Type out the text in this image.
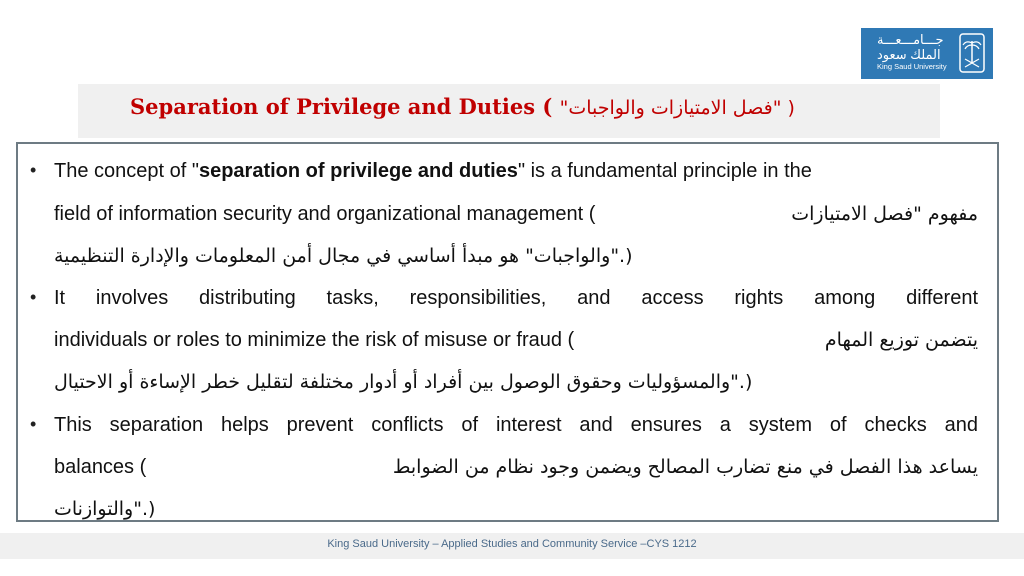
جـــامـــعـــة
الملك سعود
King Saud University
Separation of Privilege and Duties ( "فصل الامتيازات والواجبات" )
• The concept of "separation of privilege and duties" is a fundamental principle in the
field of information security and organizational management (	مفهوم "فصل الامتيازات
والواجبات" هو مبدأ أساسي في مجال أمن المعلومات والإدارة التنظيمية".)
• It involves distributing tasks, responsibilities, and access rights among different
individuals or roles to minimize the risk of misuse or fraud (	يتضمن توزيع المهام
والمسؤوليات وحقوق الوصول بين أفراد أو أدوار مختلفة لتقليل خطر الإساءة أو الاحتيال".)
• This separation helps prevent conflicts of interest and ensures a system of checks and
balances (	يساعد هذا الفصل في منع تضارب المصالح ويضمن وجود نظام من الضوابط
والتوازنات".)
King Saud University – Applied Studies and Community Service –CYS 1212
